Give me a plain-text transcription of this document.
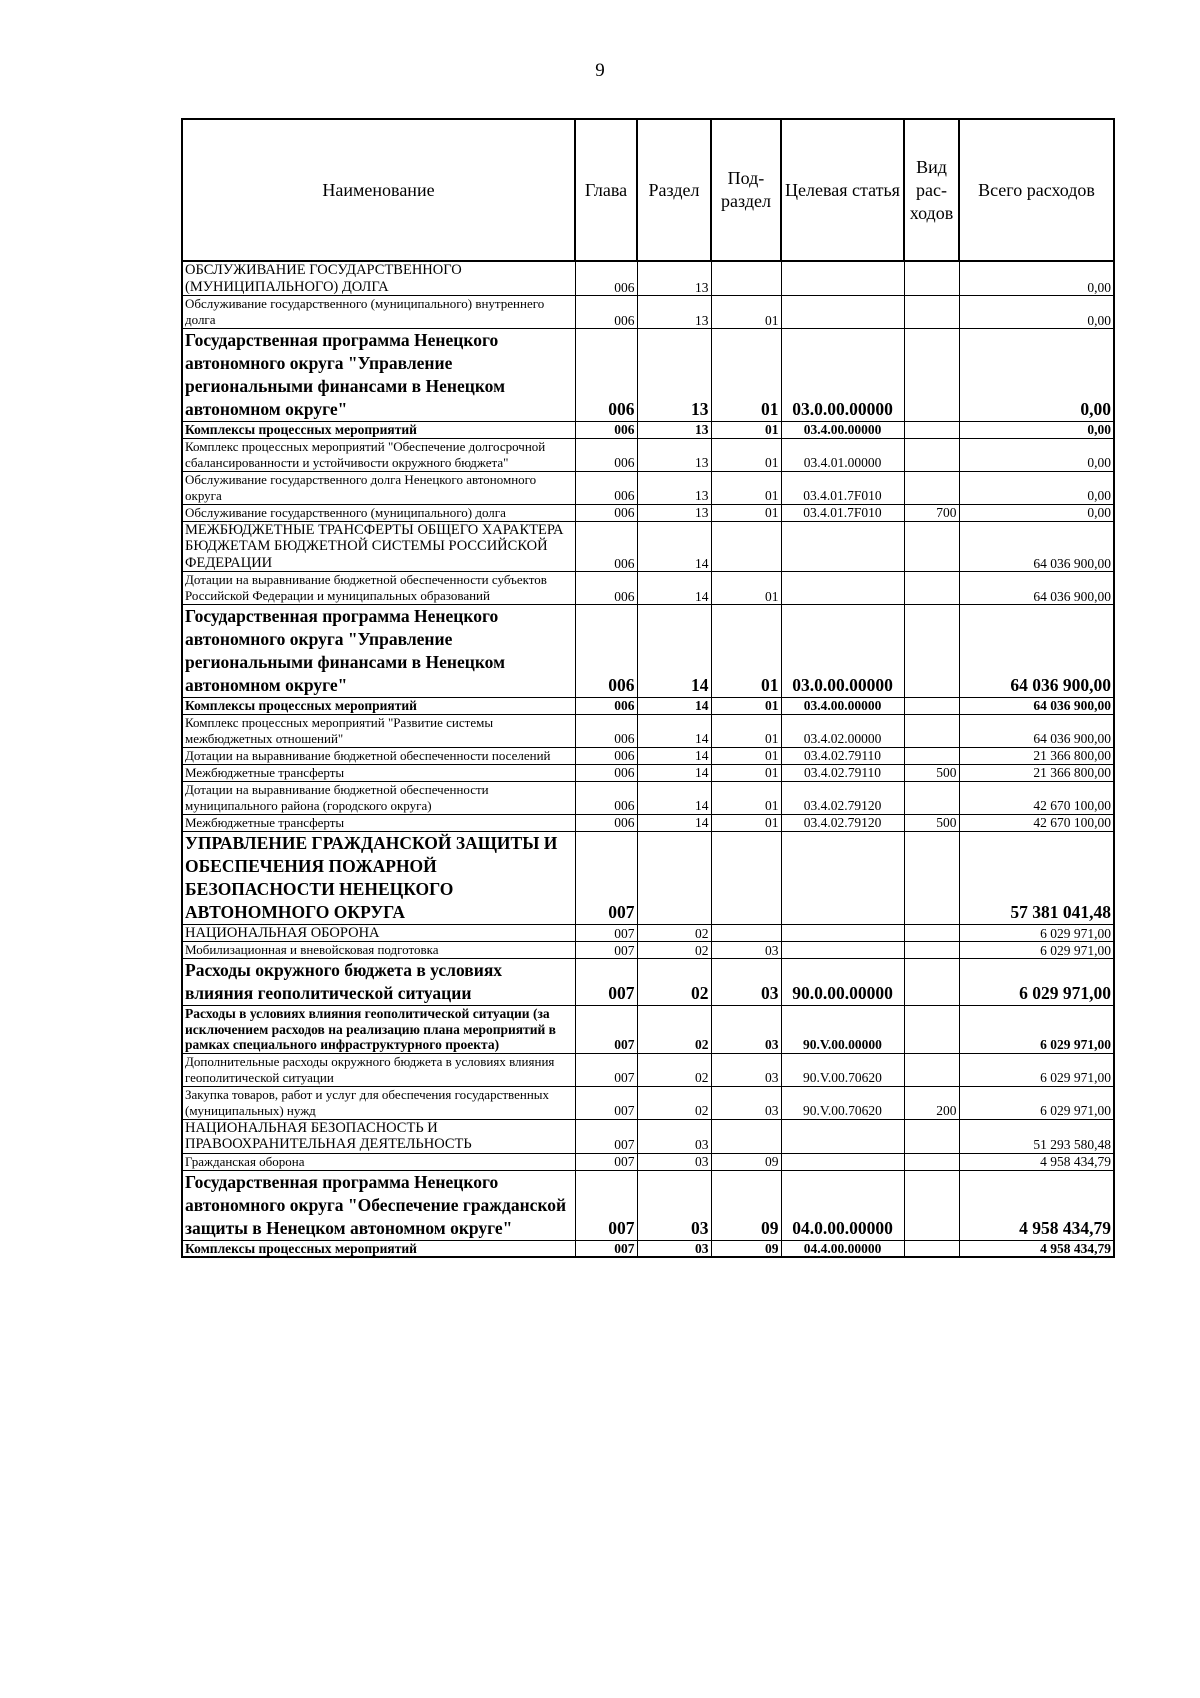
9
Наименование	Глава	Раздел	Под-раздел	Целевая статья	Вид рас-ходов	Всего расходов
ОБСЛУЖИВАНИЕ ГОСУДАРСТВЕННОГО (МУНИЦИПАЛЬНОГО) ДОЛГА	006	13				0,00
Обслуживание государственного (муниципального) внутреннего долга	006	13	01			0,00
Государственная программа Ненецкого автономного округа "Управление региональными финансами в Ненецком автономном округе"	006	13	01	03.0.00.00000		0,00
Комплексы процессных мероприятий	006	13	01	03.4.00.00000		0,00
Комплекс процессных мероприятий "Обеспечение долгосрочной сбалансированности и устойчивости окружного бюджета"	006	13	01	03.4.01.00000		0,00
Обслуживание государственного долга Ненецкого автономного округа	006	13	01	03.4.01.7F010		0,00
Обслуживание государственного (муниципального) долга	006	13	01	03.4.01.7F010	700	0,00
МЕЖБЮДЖЕТНЫЕ ТРАНСФЕРТЫ ОБЩЕГО ХАРАКТЕРА БЮДЖЕТАМ БЮДЖЕТНОЙ СИСТЕМЫ РОССИЙСКОЙ ФЕДЕРАЦИИ	006	14				64 036 900,00
Дотации на выравнивание бюджетной обеспеченности субъектов Российской Федерации и муниципальных образований	006	14	01			64 036 900,00
Государственная программа Ненецкого автономного округа "Управление региональными финансами в Ненецком автономном округе"	006	14	01	03.0.00.00000		64 036 900,00
Комплексы процессных мероприятий	006	14	01	03.4.00.00000		64 036 900,00
Комплекс процессных мероприятий "Развитие системы межбюджетных отношений"	006	14	01	03.4.02.00000		64 036 900,00
Дотации на выравнивание бюджетной обеспеченности поселений	006	14	01	03.4.02.79110		21 366 800,00
Межбюджетные трансферты	006	14	01	03.4.02.79110	500	21 366 800,00
Дотации на выравнивание бюджетной обеспеченности муниципального района (городского округа)	006	14	01	03.4.02.79120		42 670 100,00
Межбюджетные трансферты	006	14	01	03.4.02.79120	500	42 670 100,00
УПРАВЛЕНИЕ ГРАЖДАНСКОЙ ЗАЩИТЫ И ОБЕСПЕЧЕНИЯ ПОЖАРНОЙ БЕЗОПАСНОСТИ НЕНЕЦКОГО АВТОНОМНОГО ОКРУГА	007					57 381 041,48
НАЦИОНАЛЬНАЯ ОБОРОНА	007	02				6 029 971,00
Мобилизационная и вневойсковая подготовка	007	02	03			6 029 971,00
Расходы окружного бюджета в условиях влияния геополитической ситуации	007	02	03	90.0.00.00000		6 029 971,00
Расходы в условиях влияния геополитической ситуации (за исключением расходов на реализацию плана мероприятий в рамках специального инфраструктурного проекта)	007	02	03	90.V.00.00000		6 029 971,00
Дополнительные расходы окружного бюджета в условиях влияния геополитической ситуации	007	02	03	90.V.00.70620		6 029 971,00
Закупка товаров, работ и услуг для обеспечения государственных (муниципальных) нужд	007	02	03	90.V.00.70620	200	6 029 971,00
НАЦИОНАЛЬНАЯ БЕЗОПАСНОСТЬ И ПРАВООХРАНИТЕЛЬНАЯ ДЕЯТЕЛЬНОСТЬ	007	03				51 293 580,48
Гражданская оборона	007	03	09			4 958 434,79
Государственная программа Ненецкого автономного округа "Обеспечение гражданской защиты в Ненецком автономном округе"	007	03	09	04.0.00.00000		4 958 434,79
Комплексы процессных мероприятий	007	03	09	04.4.00.00000		4 958 434,79
